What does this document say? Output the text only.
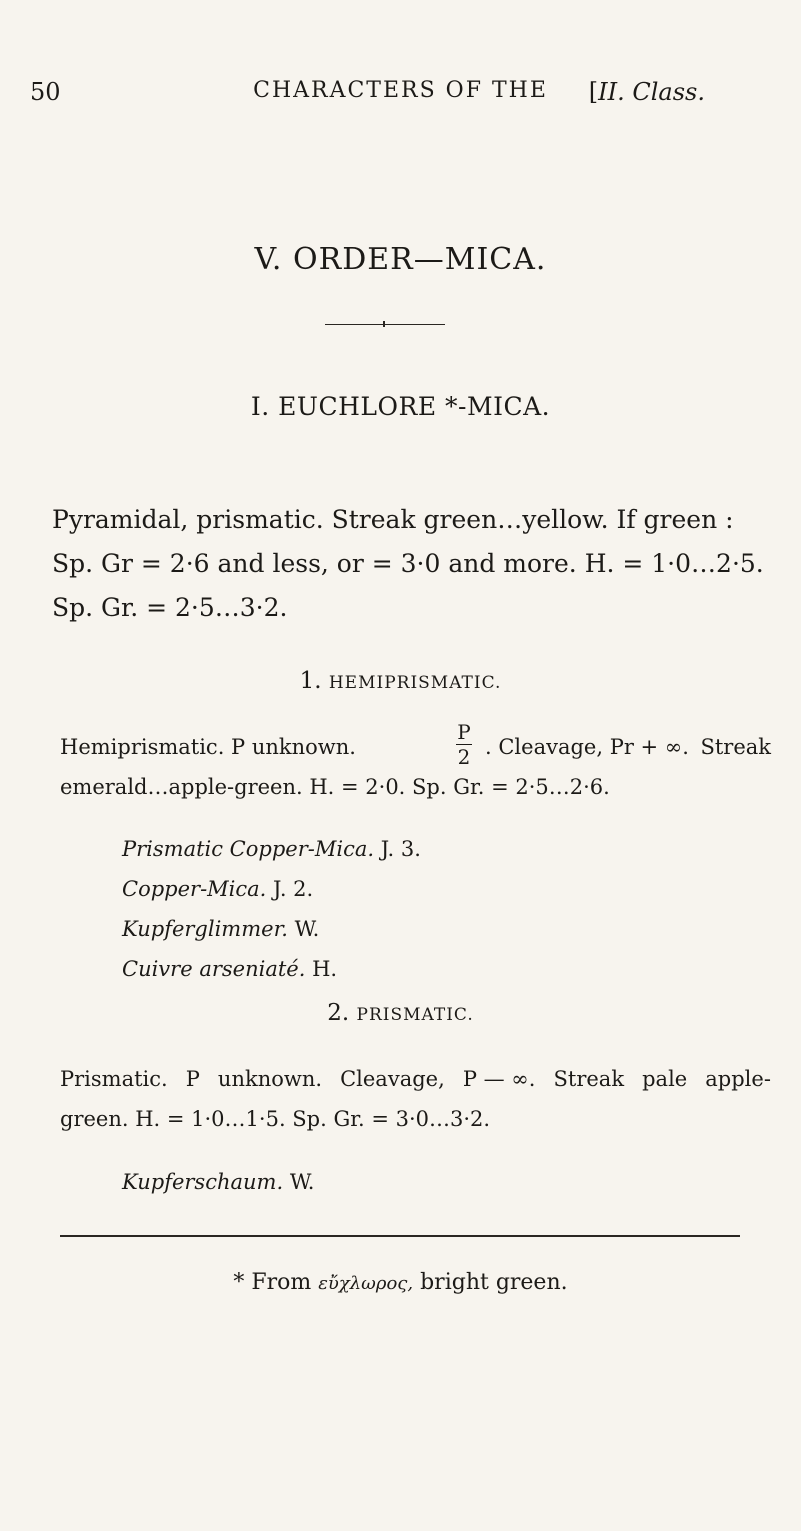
50	CHARACTERS OF THE	[II. Class.
V. ORDER—MICA.
I. EUCHLORE *-MICA.
Pyramidal, prismatic. Streak green…yellow. If green :
Sp. Gr = 2·6 and less, or = 3·0 and more. H. = 1·0…2·5.
Sp. Gr. = 2·5…3·2.
1. HEMIPRISMATIC.
Hemiprismatic. P unknown.
P
2 . Cleavage, Pr + ∞. Streak
emerald…apple-green. H. = 2·0. Sp. Gr. = 2·5…2·6.
Prismatic Copper-Mica. J. 3.
Copper-Mica. J. 2.
Kupferglimmer. W.
Cuivre arseniaté. H.
2. PRISMATIC.
Prismatic. P unknown. Cleavage, P — ∞. Streak pale apple-
green. H. = 1·0…1·5. Sp. Gr. = 3·0…3·2.
Kupferschaum. W.
* From εὔχλωρος, bright green.
